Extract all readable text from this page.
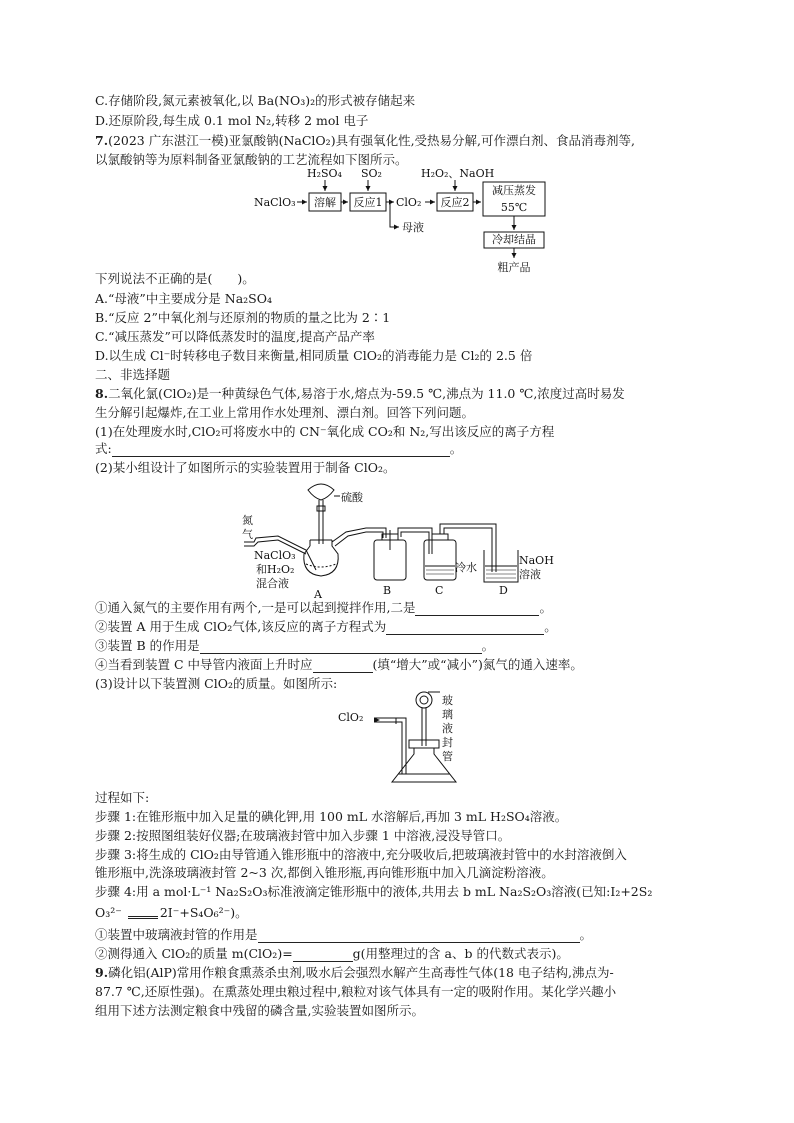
C.存储阶段,氮元素被氧化,以 Ba(NO₃)₂的形式被存储起来
D.还原阶段,每生成 0.1 mol N₂,转移 2 mol 电子
7.(2023 广东湛江一模)亚氯酸钠(NaClO₂)具有强氧化性,受热易分解,可作漂白剂、食品消毒剂等,
以氯酸钠等为原料制备亚氯酸钠的工艺流程如下图所示。
H₂SO₄ SO₂	H₂O₂、NaOH
NaClO₃	ClO₂
减压蒸发
55℃
冷却结晶
母液
粗产品
溶解 反应1	反应2
下列说法不正确的是(　　)。
A.“母液”中主要成分是 Na₂SO₄
B.“反应 2”中氧化剂与还原剂的物质的量之比为 2∶1
C.“减压蒸发”可以降低蒸发时的温度,提高产品产率
D.以生成 Cl⁻时转移电子数目来衡量,相同质量 ClO₂的消毒能力是 Cl₂的 2.5 倍
二、非选择题
8.二氧化氯(ClO₂)是一种黄绿色气体,易溶于水,熔点为-59.5 ℃,沸点为 11.0 ℃,浓度过高时易发
生分解引起爆炸,在工业上常用作水处理剂、漂白剂。回答下列问题。
(1)在处理废水时,ClO₂可将废水中的 CN⁻氧化成 CO₂和 N₂,写出该反应的离子方程
式:	。
(2)某小组设计了如图所示的实验装置用于制备 ClO₂。
硫酸
氮
气
NaClO₃
和H₂O₂
混合液
冷水
NaOH
溶液
A	B	C	D
①通入氮气的主要作用有两个,一是可以起到搅拌作用,二是	。
②装置 A 用于生成 ClO₂气体,该反应的离子方程式为	。
③装置 B 的作用是	。
④当看到装置 C 中导管内液面上升时应	(填“增大”或“减小”)氮气的通入速率。
(3)设计以下装置测 ClO₂的质量。如图所示:
ClO₂
玻
璃
液
封
管
过程如下:
步骤 1:在锥形瓶中加入足量的碘化钾,用 100 mL 水溶解后,再加 3 mL H₂SO₄溶液。
步骤 2:按照图组装好仪器;在玻璃液封管中加入步骤 1 中溶液,浸没导管口。
步骤 3:将生成的 ClO₂由导管通入锥形瓶中的溶液中,充分吸收后,把玻璃液封管中的水封溶液倒入
锥形瓶中,洗涤玻璃液封管 2~3 次,都倒入锥形瓶,再向锥形瓶中加入几滴淀粉溶液。
步骤 4:用 a mol·L⁻¹ Na₂S₂O₃标准液滴定锥形瓶中的液体,共用去 b mL Na₂S₂O₃溶液(已知:I₂+2S₂
O₃²⁻	2I⁻+S₄O₆²⁻)。
①装置中玻璃液封管的作用是	。
②测得通入 ClO₂的质量 m(ClO₂)=	g(用整理过的含 a、b 的代数式表示)。
9.磷化铝(AlP)常用作粮食熏蒸杀虫剂,吸水后会强烈水解产生高毒性气体(18 电子结构,沸点为-
87.7 ℃,还原性强)。在熏蒸处理虫粮过程中,粮粒对该气体具有一定的吸附作用。某化学兴趣小
组用下述方法测定粮食中残留的磷含量,实验装置如图所示。
